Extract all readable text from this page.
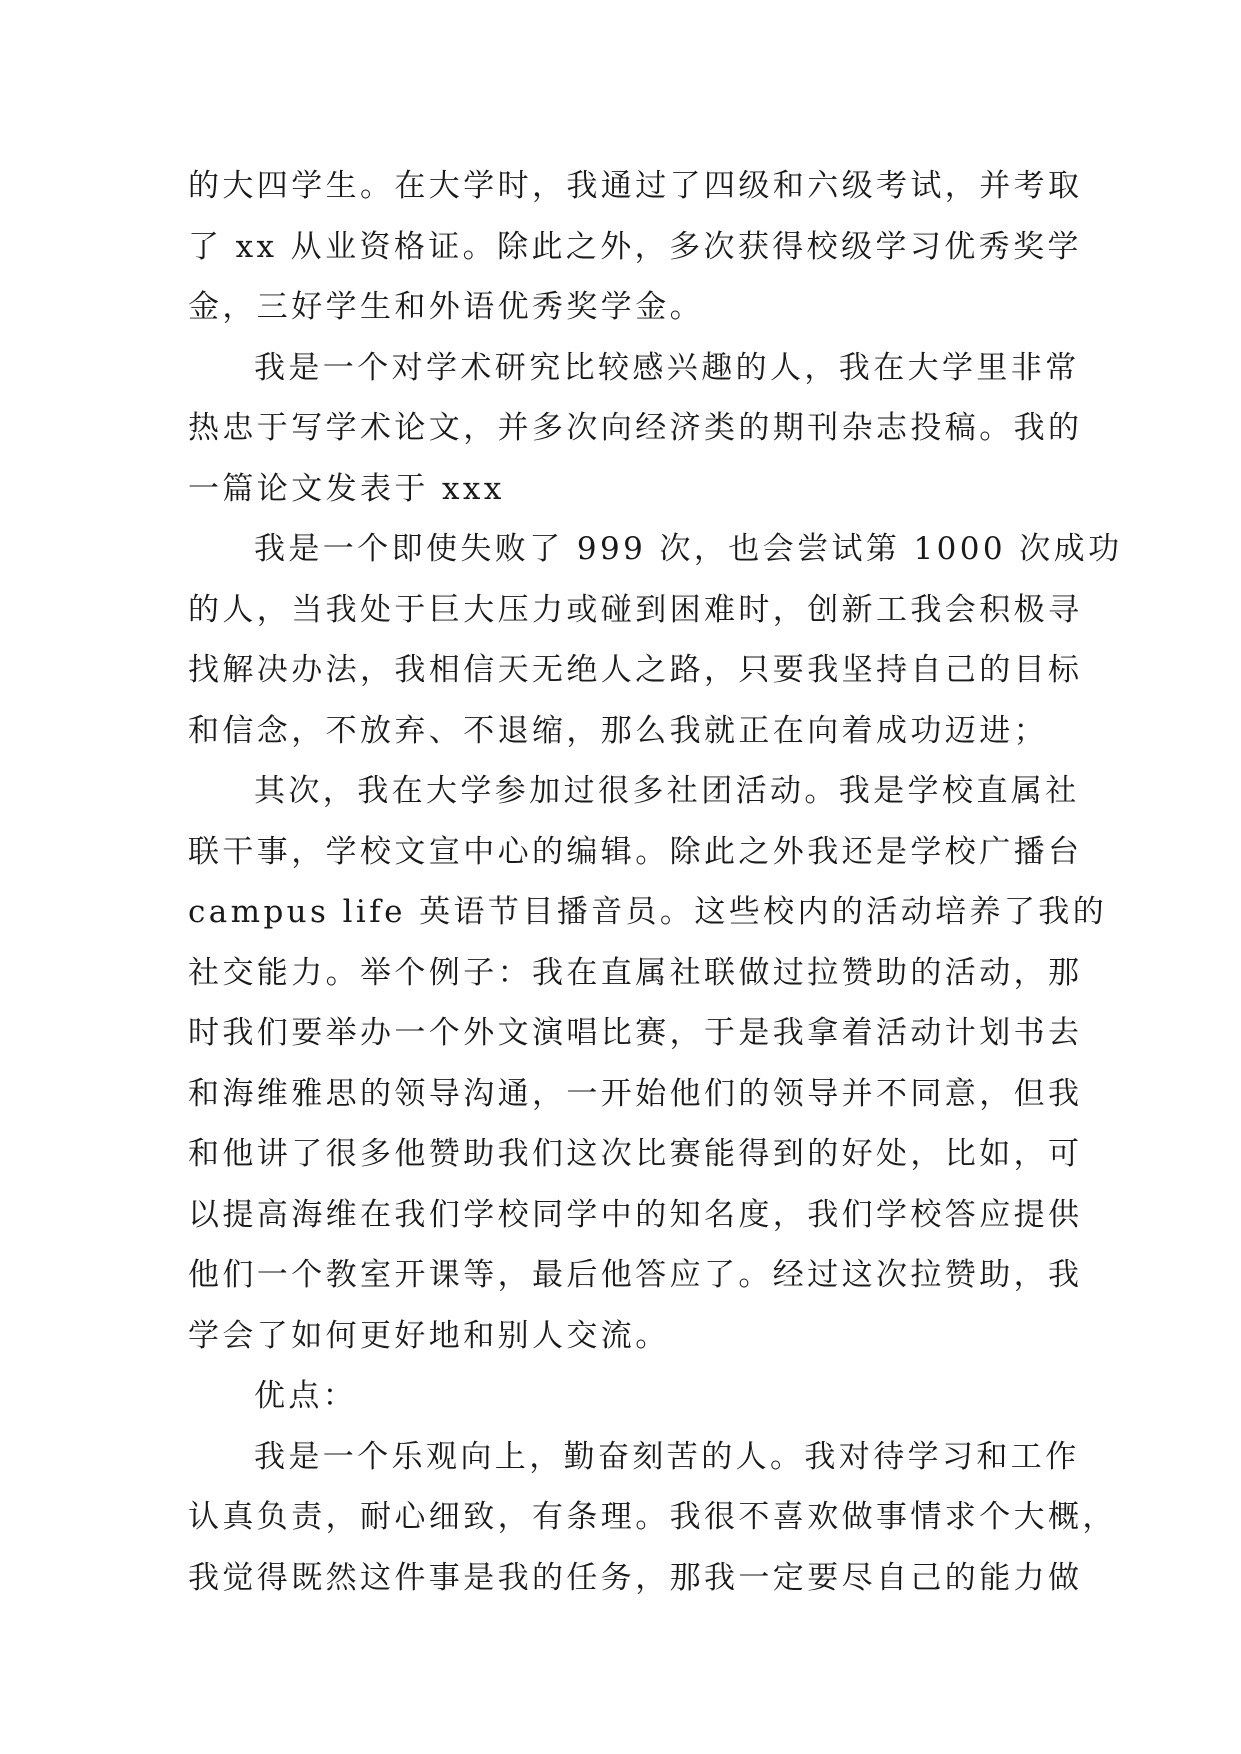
的大四学生。在大学时，我通过了四级和六级考试，并考取
了 xx 从业资格证。除此之外，多次获得校级学习优秀奖学
金，三好学生和外语优秀奖学金。
我是一个对学术研究比较感兴趣的人，我在大学里非常
热忠于写学术论文，并多次向经济类的期刊杂志投稿。我的
一篇论文发表于 xxx
我是一个即使失败了 999 次，也会尝试第 1000 次成功
的人，当我处于巨大压力或碰到困难时，创新工我会积极寻
找解决办法，我相信天无绝人之路，只要我坚持自己的目标
和信念，不放弃、不退缩，那么我就正在向着成功迈进；
其次，我在大学参加过很多社团活动。我是学校直属社
联干事，学校文宣中心的编辑。除此之外我还是学校广播台
campus life 英语节目播音员。这些校内的活动培养了我的
社交能力。举个例子：我在直属社联做过拉赞助的活动，那
时我们要举办一个外文演唱比赛，于是我拿着活动计划书去
和海维雅思的领导沟通，一开始他们的领导并不同意，但我
和他讲了很多他赞助我们这次比赛能得到的好处，比如，可
以提高海维在我们学校同学中的知名度，我们学校答应提供
他们一个教室开课等，最后他答应了。经过这次拉赞助，我
学会了如何更好地和别人交流。
优点：
我是一个乐观向上，勤奋刻苦的人。我对待学习和工作
认真负责，耐心细致，有条理。我很不喜欢做事情求个大概，
我觉得既然这件事是我的任务，那我一定要尽自己的能力做
